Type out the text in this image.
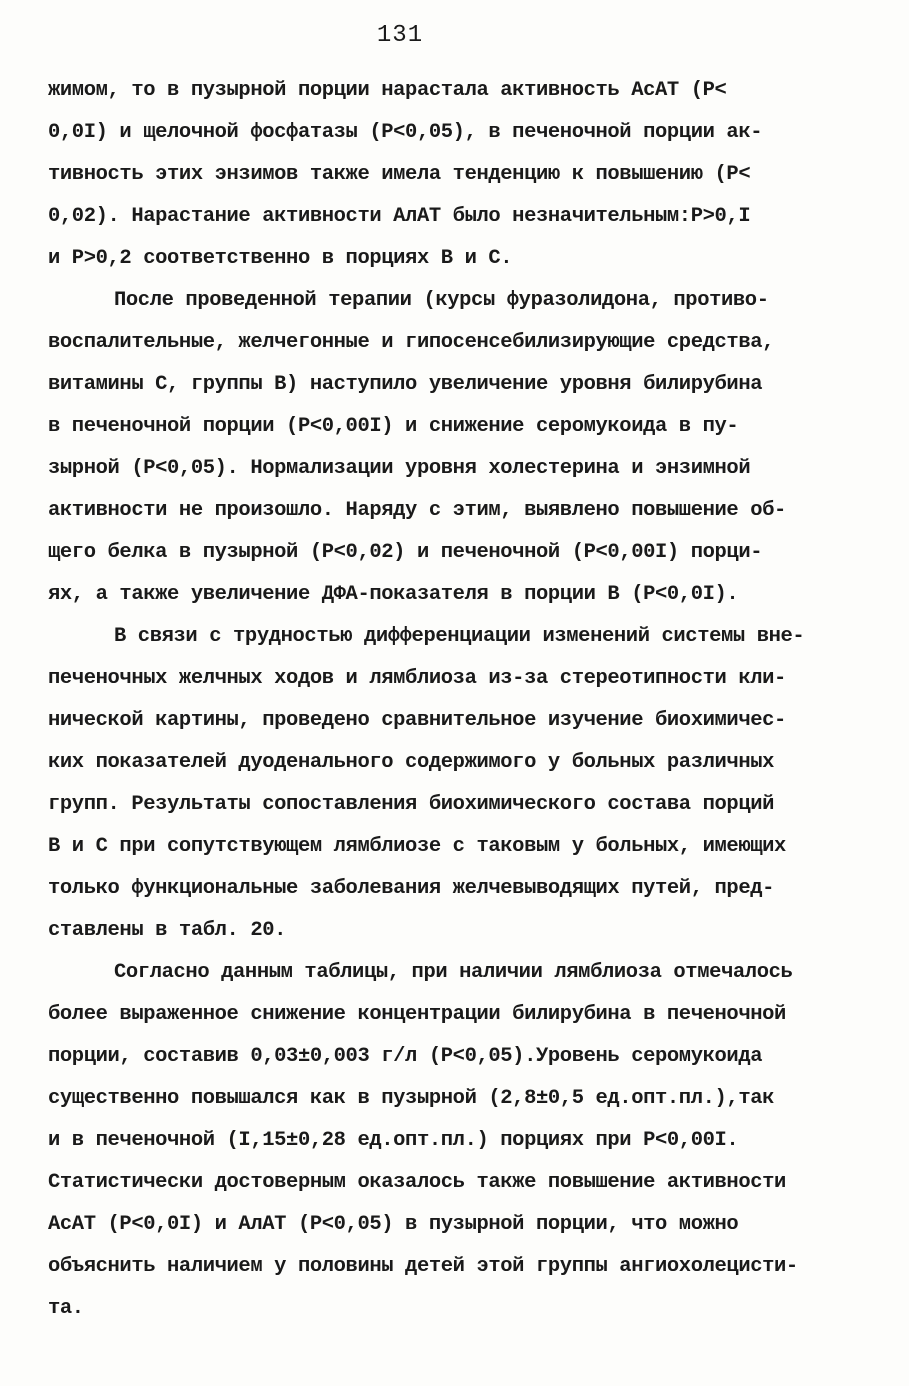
131
жимом, то в пузырной порции нарастала активность АсАТ (P<
0,0I) и щелочной фосфатазы (P<0,05), в печеночной порции ак-
тивность этих энзимов также имела тенденцию к повышению (P<
0,02). Нарастание активности АлАТ было незначительным:P>0,I
и P>0,2 соответственно в порциях В и С.
После проведенной терапии (курсы фуразолидона, противо-
воспалительные, желчегонные и гипосенсебилизирующие средства,
витамины С, группы В) наступило увеличение уровня билирубина
в печеночной порции (P<0,00I) и снижение серомукоида в пу-
зырной (P<0,05). Нормализации уровня холестерина и энзимной
активности не произошло. Наряду с этим, выявлено повышение об-
щего белка в пузырной (P<0,02) и печеночной (P<0,00I) порци-
ях, а также увеличение ДФА-показателя в порции В (P<0,0I).
В связи с трудностью дифференциации изменений системы вне-
печеночных желчных ходов и лямблиоза из-за стереотипности кли-
нической картины, проведено сравнительное изучение биохимичес-
ких показателей дуоденального содержимого у больных различных
групп. Результаты сопоставления биохимического состава порций
В и С при сопутствующем лямблиозе с таковым у больных, имеющих
только функциональные заболевания желчевыводящих путей, пред-
ставлены в табл. 20.
Согласно данным таблицы, при наличии лямблиоза отмечалось
более выраженное снижение концентрации билирубина в печеночной
порции, составив 0,03±0,003 г/л (P<0,05).Уровень серомукоида
существенно повышался как в пузырной (2,8±0,5 ед.опт.пл.),так
и в печеночной (I,15±0,28 ед.опт.пл.) порциях при P<0,00I.
Статистически достоверным оказалось также повышение активности
АсАТ (P<0,0I) и АлАТ (P<0,05) в пузырной порции, что можно
объяснить наличием у половины детей этой группы ангиохолецисти-
та.
